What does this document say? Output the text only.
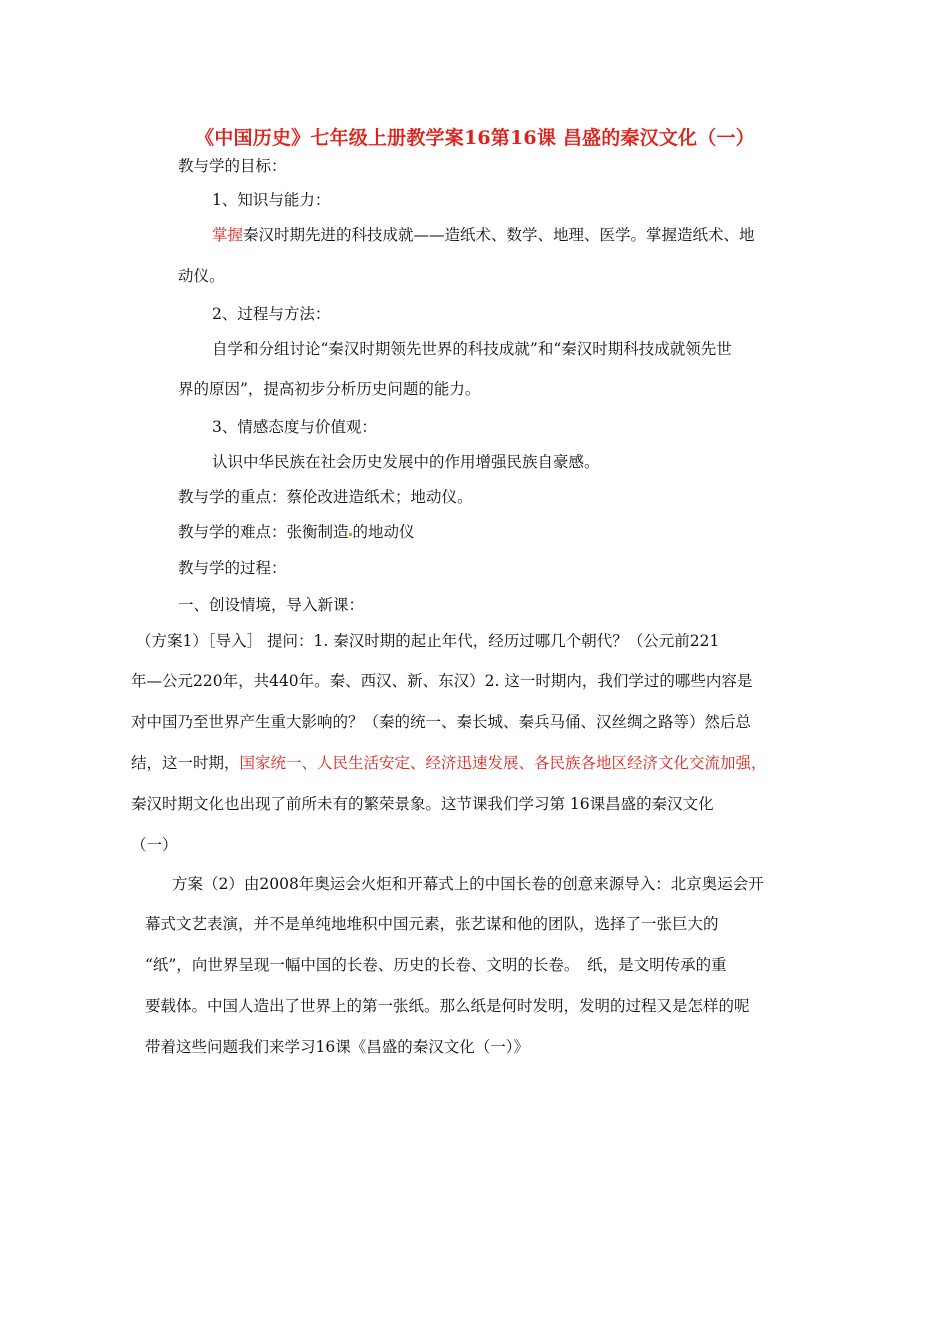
《中国历史》七年级上册教学案16第16课 昌盛的秦汉文化（一）
教与学的目标：
1、知识与能力：
掌握秦汉时期先进的科技成就——造纸术、数学、地理、医学。掌握造纸术、地
动仪。
2、过程与方法：
自学和分组讨论“秦汉时期领先世界的科技成就”和“秦汉时期科技成就领先世
界的原因”，提高初步分析历史问题的能力。
3、情感态度与价值观：
认识中华民族在社会历史发展中的作用增强民族自豪感。
教与学的重点：蔡伦改进造纸术；地动仪。
教与学的难点：张衡制造 的地动仪
教与学的过程：
一、创设情境，导入新课：
（方案1）［导入］ 提问：1. 秦汉时期的起止年代，经历过哪几个朝代？（公元前221
年—公元220年，共440年。秦、西汉、新、东汉）2. 这一时期内，我们学过的哪些内容是
对中国乃至世界产生重大影响的？（秦的统一、秦长城、秦兵马俑、汉丝绸之路等）然后总
结，这一时期，国家统一、人民生活安定、经济迅速发展、各民族各地区经济文化交流加强，
秦汉时期文化也出现了前所未有的繁荣景象。这节课我们学习第 16课昌盛的秦汉文化
（一）
方案（2）由2008年奥运会火炬和开幕式上的中国长卷的创意来源导入：北京奥运会开
幕式文艺表演，并不是单纯地堆积中国元素，张艺谋和他的团队，选择了一张巨大的
“纸”，向世界呈现一幅中国的长卷、历史的长卷、文明的长卷。　纸，是文明传承的重
要载体。中国人造出了世界上的第一张纸。那么纸是何时发明，发明的过程又是怎样的呢
带着这些问题我们来学习16课《昌盛的秦汉文化（一）》
